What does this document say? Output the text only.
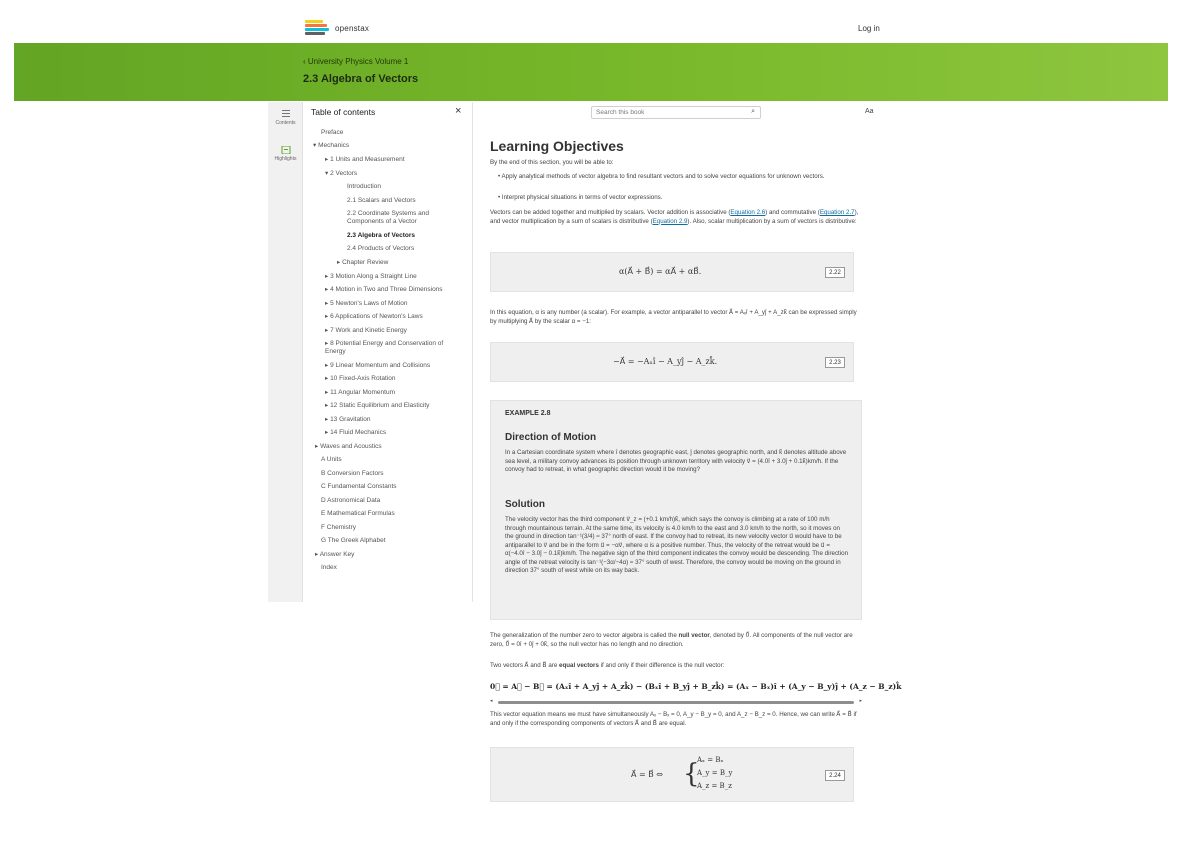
openstax	Log in
‹ University Physics Volume 1
2.3 Algebra of Vectors
Contents
Highlights
Table of contents	×
Preface
▾ Mechanics
▸ 1 Units and Measurement
▾ 2 Vectors
Introduction
2.1 Scalars and Vectors
2.2 Coordinate Systems and Components of a Vector
2.3 Algebra of Vectors
2.4 Products of Vectors
▸ Chapter Review
▸ 3 Motion Along a Straight Line
▸ 4 Motion in Two and Three Dimensions
▸ 5 Newton's Laws of Motion
▸ 6 Applications of Newton's Laws
▸ 7 Work and Kinetic Energy
▸ 8 Potential Energy and Conservation of Energy
▸ 9 Linear Momentum and Collisions
▸ 10 Fixed-Axis Rotation
▸ 11 Angular Momentum
▸ 12 Static Equilibrium and Elasticity
▸ 13 Gravitation
▸ 14 Fluid Mechanics
▸ Waves and Acoustics
A Units
B Conversion Factors
C Fundamental Constants
D Astronomical Data
E Mathematical Formulas
F Chemistry
G The Greek Alphabet
▸ Answer Key
Index
Search this book	⌕	Aa
Learning Objectives
By the end of this section, you will be able to:
• Apply analytical methods of vector algebra to find resultant vectors and to solve vector equations for unknown vectors.
• Interpret physical situations in terms of vector expressions.
Vectors can be added together and multiplied by scalars. Vector addition is associative (Equation 2.6) and commutative (Equation 2.7), and vector multiplication by a sum of scalars is distributive (Equation 2.9). Also, scalar multiplication by a sum of vectors is distributive:
α(A⃗ + B⃗) = αA⃗ + αB⃗.	2.22
In this equation, α is any number (a scalar). For example, a vector antiparallel to vector A⃗ = Aₓî + A_yĵ + A_zk̂ can be expressed simply by multiplying A⃗ by the scalar α = −1:
−A⃗ = −Aₓî − A_yĵ − A_zk̂.	2.23
EXAMPLE 2.8
Direction of Motion
In a Cartesian coordinate system where î denotes geographic east, ĵ denotes geographic north, and k̂ denotes altitude above sea level, a military convoy advances its position through unknown territory with velocity v⃗ = (4.0î + 3.0ĵ + 0.1k̂)km/h. If the convoy had to retreat, in what geographic direction would it be moving?
Solution
The velocity vector has the third component v⃗_z = (+0.1 km/h)k̂, which says the convoy is climbing at a rate of 100 m/h through mountainous terrain. At the same time, its velocity is 4.0 km/h to the east and 3.0 km/h to the north, so it moves on the ground in direction tan⁻¹(3/4) ≈ 37° north of east. If the convoy had to retreat, its new velocity vector u⃗ would have to be antiparallel to v⃗ and be in the form u⃗ = −αv⃗, where α is a positive number. Thus, the velocity of the retreat would be u⃗ = α(−4.0î − 3.0ĵ − 0.1k̂)km/h. The negative sign of the third component indicates the convoy would be descending. The direction angle of the retreat velocity is tan⁻¹(−3α/−4α) ≈ 37° south of west. Therefore, the convoy would be moving on the ground in direction 37° south of west while on its way back.
The generalization of the number zero to vector algebra is called the null vector, denoted by 0⃗. All components of the null vector are zero, 0⃗ = 0î + 0ĵ + 0k̂, so the null vector has no length and no direction.
Two vectors A⃗ and B⃗ are equal vectors if and only if their difference is the null vector:
0⃗ = A⃗ − B⃗ = (Aₓî + A_yĵ + A_zk̂) − (Bₓî + B_yĵ + B_zk̂) = (Aₓ − Bₓ)î + (A_y − B_y)ĵ + (A_z − B_z)k̂
◂	▸
This vector equation means we must have simultaneously Aₓ − Bₓ = 0, A_y − B_y = 0, and A_z − B_z = 0. Hence, we can write A⃗ = B⃗ if and only if the corresponding components of vectors A⃗ and B⃗ are equal.
A⃗ = B⃗ ⇔ {
Aₓ = Bₓ
A_y = B_y
A_z = B_z
2.24
